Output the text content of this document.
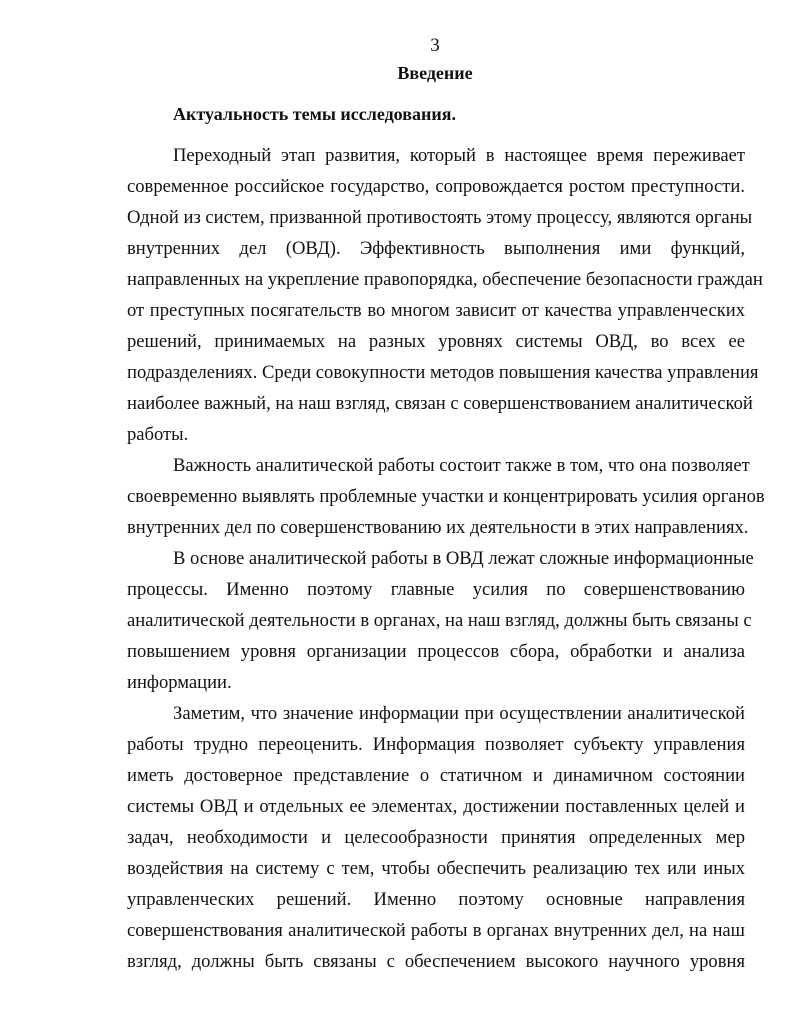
3
Введение
Актуальность темы исследования.
Переходный этап развития, который в настоящее время переживает
современное российское государство, сопровождается ростом преступности.
Одной из систем, призванной противостоять этому процессу, являются органы
внутренних дел (ОВД). Эффективность выполнения ими функций,
направленных на укрепление правопорядка, обеспечение безопасности граждан
от преступных посягательств во многом зависит от качества управленческих
решений, принимаемых на разных уровнях системы ОВД, во всех ее
подразделениях. Среди совокупности методов повышения качества управления
наиболее важный, на наш взгляд, связан с совершенствованием аналитической
работы.
Важность аналитической работы состоит также в том, что она позволяет
своевременно выявлять проблемные участки и концентрировать усилия органов
внутренних дел по совершенствованию их деятельности в этих направлениях.
В основе аналитической работы в ОВД лежат сложные информационные
процессы. Именно поэтому главные усилия по совершенствованию
аналитической деятельности в органах, на наш взгляд, должны быть связаны с
повышением уровня организации процессов сбора, обработки и анализа
информации.
Заметим, что значение информации при осуществлении аналитической
работы трудно переоценить. Информация позволяет субъекту управления
иметь достоверное представление о статичном и динамичном состоянии
системы ОВД и отдельных ее элементах, достижении поставленных целей и
задач, необходимости и целесообразности принятия определенных мер
воздействия на систему с тем, чтобы обеспечить реализацию тех или иных
управленческих решений. Именно поэтому основные направления
совершенствования аналитической работы в органах внутренних дел, на наш
взгляд, должны быть связаны с обеспечением высокого научного уровня
